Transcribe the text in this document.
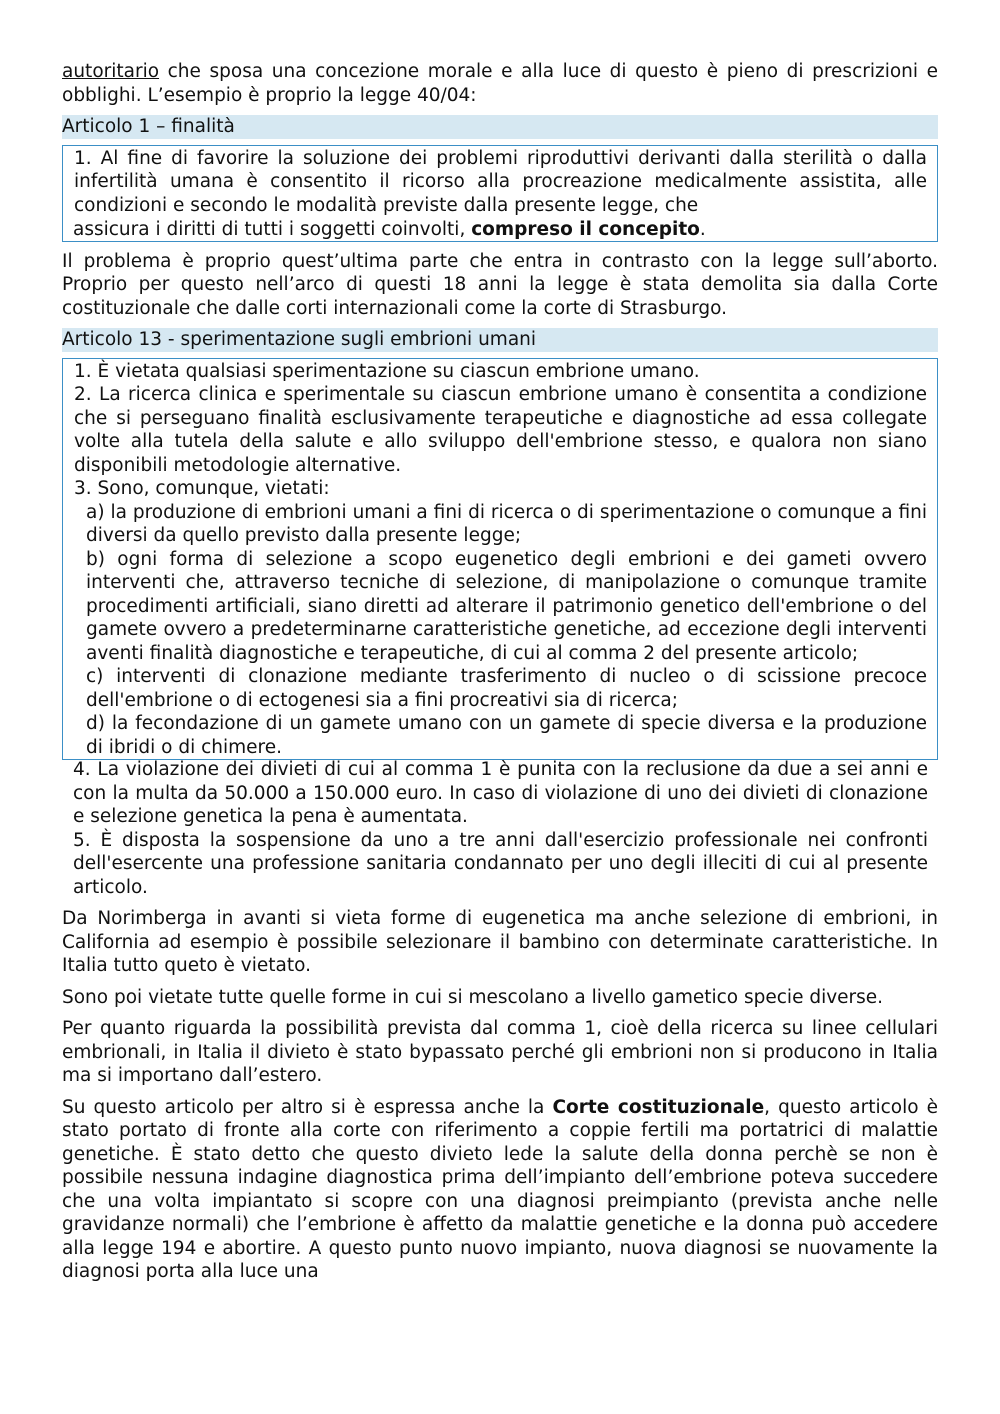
autoritario che sposa una concezione morale e alla luce di questo è pieno di prescrizioni e obblighi. L’esempio è proprio la legge 40/04:

Articolo 1 – finalità

1. Al fine di favorire la soluzione dei problemi riproduttivi derivanti dalla sterilità o dalla infertilità umana è consentito il ricorso alla procreazione medicalmente assistita, alle condizioni e secondo le modalità previste dalla presente legge, che

assicura i diritti di tutti i soggetti coinvolti, compreso il concepito.

Il problema è proprio quest’ultima parte che entra in contrasto con la legge sull’aborto. Proprio per questo nell’arco di questi 18 anni la legge è stata demolita sia dalla Corte costituzionale che dalle corti internazionali come la corte di Strasburgo.

Articolo 13 - sperimentazione sugli embrioni umani

1. È vietata qualsiasi sperimentazione su ciascun embrione umano.

2. La ricerca clinica e sperimentale su ciascun embrione umano è consentita a condizione che si perseguano finalità esclusivamente terapeutiche e diagnostiche ad essa collegate volte alla tutela della salute e allo sviluppo dell'embrione stesso, e qualora non siano disponibili metodologie alternative.

3. Sono, comunque, vietati:

a) la produzione di embrioni umani a fini di ricerca o di sperimentazione o comunque a fini diversi da quello previsto dalla presente legge;

b) ogni forma di selezione a scopo eugenetico degli embrioni e dei gameti ovvero interventi che, attraverso tecniche di selezione, di manipolazione o comunque tramite procedimenti artificiali, siano diretti ad alterare il patrimonio genetico dell'embrione o del gamete ovvero a predeterminarne caratteristiche genetiche, ad eccezione degli interventi aventi finalità diagnostiche e terapeutiche, di cui al comma 2 del presente articolo;

c) interventi di clonazione mediante trasferimento di nucleo o di scissione precoce dell'embrione o di ectogenesi sia a fini procreativi sia di ricerca;

d) la fecondazione di un gamete umano con un gamete di specie diversa e la produzione di ibridi o di chimere.

4. La violazione dei divieti di cui al comma 1 è punita con la reclusione da due a sei anni e con la multa da 50.000 a 150.000 euro. In caso di violazione di uno dei divieti di clonazione e selezione genetica la pena è aumentata.

5. È disposta la sospensione da uno a tre anni dall'esercizio professionale nei confronti dell'esercente una professione sanitaria condannato per uno degli illeciti di cui al presente articolo.

Da Norimberga in avanti si vieta forme di eugenetica ma anche selezione di embrioni, in California ad esempio è possibile selezionare il bambino con determinate caratteristiche. In Italia tutto queto è vietato.

Sono poi vietate tutte quelle forme in cui si mescolano a livello gametico specie diverse.

Per quanto riguarda la possibilità prevista dal comma 1, cioè della ricerca su linee cellulari embrionali, in Italia il divieto è stato bypassato perché gli embrioni non si producono in Italia ma si importano dall’estero.

Su questo articolo per altro si è espressa anche la Corte costituzionale, questo articolo è stato portato di fronte alla corte con riferimento a coppie fertili ma portatrici di malattie genetiche. È stato detto che questo divieto lede la salute della donna perchè se non è possibile nessuna indagine diagnostica prima dell’impianto dell’embrione poteva succedere che una volta impiantato si scopre con una diagnosi preimpianto (prevista anche nelle gravidanze normali) che l’embrione è affetto da malattie genetiche e la donna può accedere alla legge 194 e abortire. A questo punto nuovo impianto, nuova diagnosi se nuovamente la diagnosi porta alla luce una
